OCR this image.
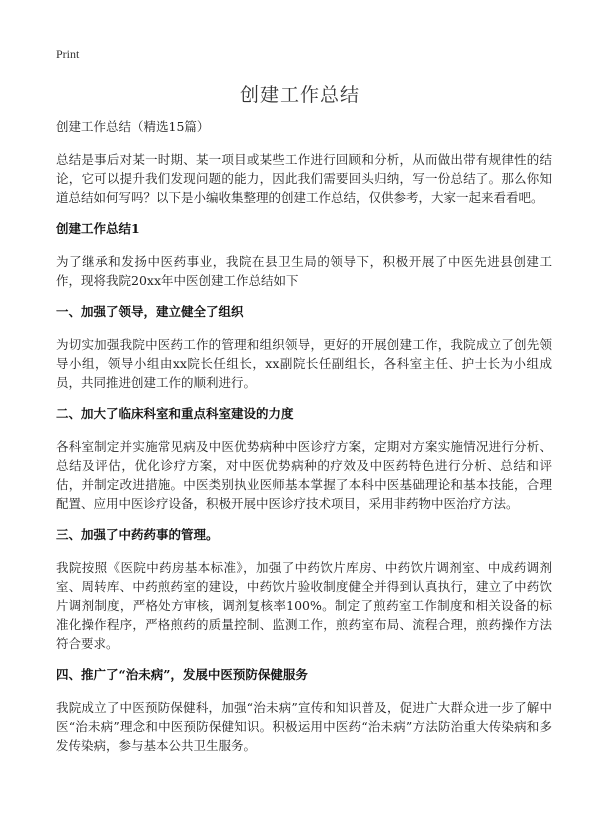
Print
创建工作总结

创建工作总结（精选15篇）

总结是事后对某一时期、某一项目或某些工作进行回顾和分析，从而做出带有规律性的结论，它可以提升我们发现问题的能力，因此我们需要回头归纳，写一份总结了。那么你知道总结如何写吗？以下是小编收集整理的创建工作总结，仅供参考，大家一起来看看吧。

创建工作总结1

为了继承和发扬中医药事业，我院在县卫生局的领导下，积极开展了中医先进县创建工作，现将我院20xx年中医创建工作总结如下

一、加强了领导，建立健全了组织

为切实加强我院中医药工作的管理和组织领导，更好的开展创建工作，我院成立了创先领导小组，领导小组由xx院长任组长，xx副院长任副组长，各科室主任、护士长为小组成员，共同推进创建工作的顺利进行。

二、加大了临床科室和重点科室建设的力度

各科室制定并实施常见病及中医优势病种中医诊疗方案，定期对方案实施情况进行分析、总结及评估，优化诊疗方案，对中医优势病种的疗效及中医药特色进行分析、总结和评估，并制定改进措施。中医类别执业医师基本掌握了本科中医基础理论和基本技能，合理配置、应用中医诊疗设备，积极开展中医诊疗技术项目，采用非药物中医治疗方法。

三、加强了中药药事的管理。

我院按照《医院中药房基本标准》，加强了中药饮片库房、中药饮片调剂室、中成药调剂室、周转库、中药煎药室的建设，中药饮片验收制度健全并得到认真执行，建立了中药饮片调剂制度，严格处方审核，调剂复核率100%。制定了煎药室工作制度和相关设备的标准化操作程序，严格煎药的质量控制、监测工作，煎药室布局、流程合理，煎药操作方法符合要求。

四、推广了“治未病”，发展中医预防保健服务

我院成立了中医预防保健科，加强“治未病”宣传和知识普及，促进广大群众进一步了解中医“治未病”理念和中医预防保健知识。积极运用中医药“治未病”方法防治重大传染病和多发传染病，参与基本公共卫生服务。
